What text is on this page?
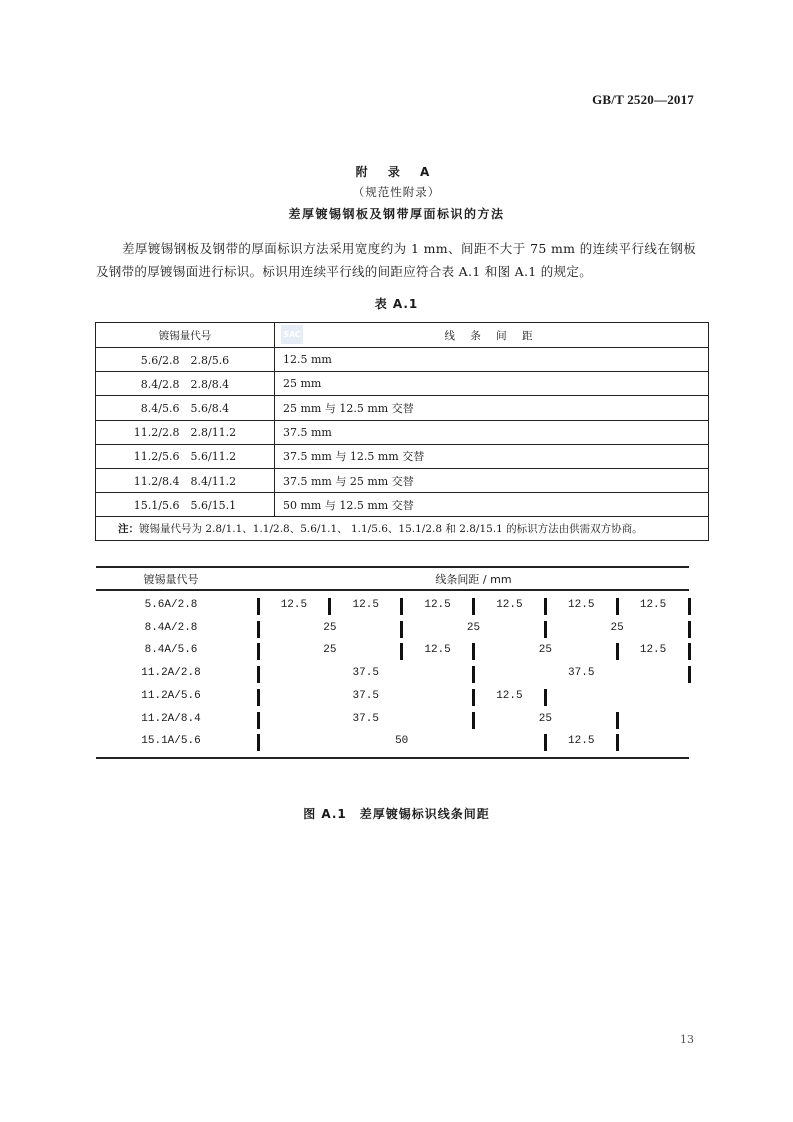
GB/T 2520—2017
附 录 A
（规范性附录）
差厚镀锡钢板及钢带厚面标识的方法
差厚镀锡钢板及钢带的厚面标识方法采用宽度约为 1 mm、间距不大于 75 mm 的连续平行线在钢板及钢带的厚镀锡面进行标识。标识用连续平行线的间距应符合表 A.1 和图 A.1 的规定。
表 A.1
镀锡量代号	SAC 线 条 间 距
5.6/2.8　2.8/5.6	12.5 mm
8.4/2.8　2.8/8.4	25 mm
8.4/5.6　5.6/8.4	25 mm 与 12.5 mm 交替
11.2/2.8　2.8/11.2	37.5 mm
11.2/5.6　5.6/11.2	37.5 mm 与 12.5 mm 交替
11.2/8.4　8.4/11.2	37.5 mm 与 25 mm 交替
15.1/5.6　5.6/15.1	50 mm 与 12.5 mm 交替
注：镀锡量代号为 2.8/1.1、1.1/2.8、5.6/1.1、 1.1/5.6、15.1/2.8 和 2.8/15.1 的标识方法由供需双方协商。	
镀锡量代号	线条间距 / mm
5.6A/2.8	12.5	12.5	12.5	12.5	12.5	12.5
8.4A/2.8	25	25	25
8.4A/5.6	25	12.5	25	12.5
11.2A/2.8	37.5	37.5
11.2A/5.6	37.5	12.5
11.2A/8.4	37.5	25
15.1A/5.6	50	12.5
图 A.1　差厚镀锡标识线条间距
13
